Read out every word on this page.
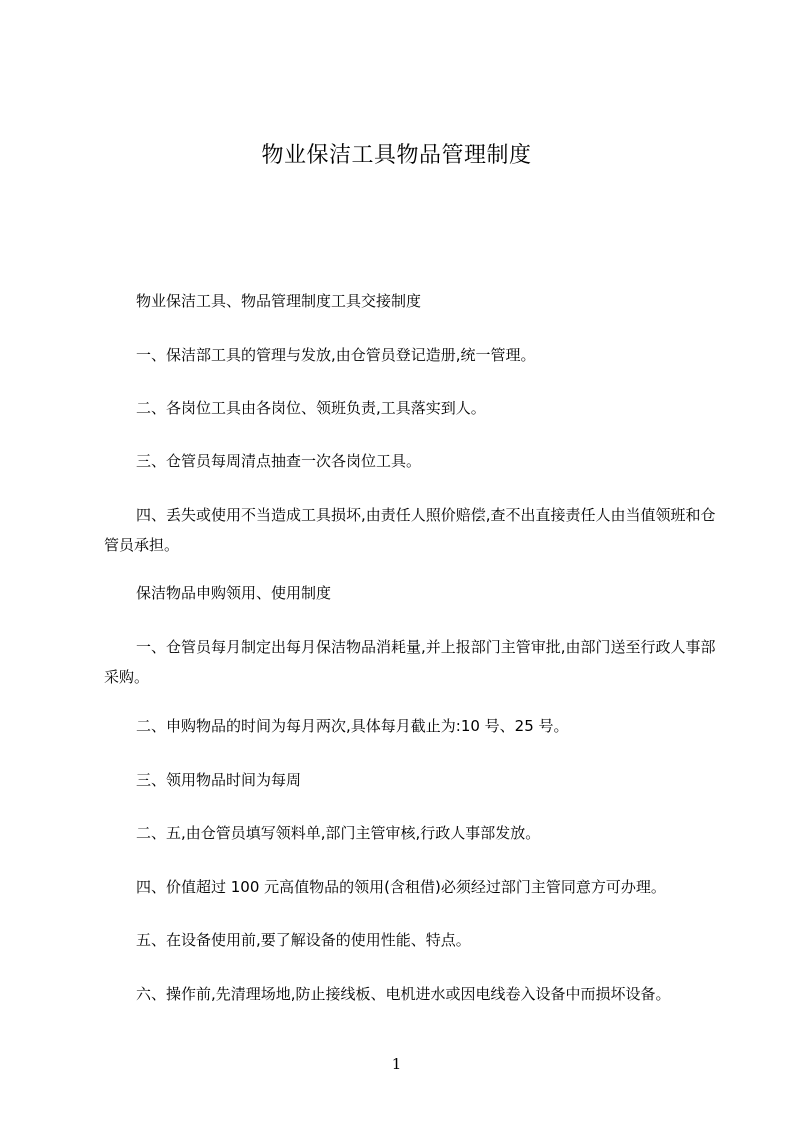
物业保洁工具物品管理制度

物业保洁工具、物品管理制度工具交接制度

一、保洁部工具的管理与发放,由仓管员登记造册,统一管理。

二、各岗位工具由各岗位、领班负责,工具落实到人。

三、仓管员每周清点抽查一次各岗位工具。

四、丢失或使用不当造成工具损坏,由责任人照价赔偿,查不出直接责任人由当值领班和仓管员承担。

保洁物品申购领用、使用制度

一、仓管员每月制定出每月保洁物品消耗量,并上报部门主管审批,由部门送至行政人事部采购。

二、申购物品的时间为每月两次,具体每月截止为:10 号、25 号。

三、领用物品时间为每周

二、五,由仓管员填写领料单,部门主管审核,行政人事部发放。

四、价值超过 100 元高值物品的领用(含租借)必须经过部门主管同意方可办理。

五、在设备使用前,要了解设备的使用性能、特点。

六、操作前,先清理场地,防止接线板、电机进水或因电线卷入设备中而损坏设备。

1
